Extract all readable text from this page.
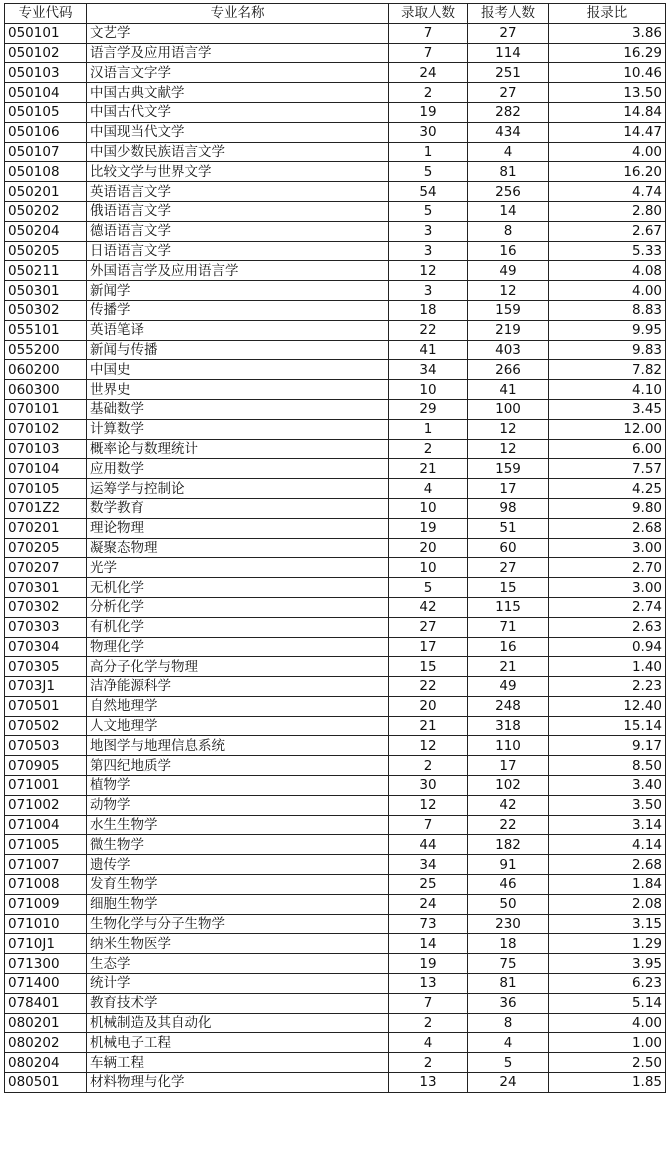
专业代码	专业名称	录取人数	报考人数	报录比
050101	文艺学	7	27	3.86
050102	语言学及应用语言学	7	114	16.29
050103	汉语言文字学	24	251	10.46
050104	中国古典文献学	2	27	13.50
050105	中国古代文学	19	282	14.84
050106	中国现当代文学	30	434	14.47
050107	中国少数民族语言文学	1	4	4.00
050108	比较文学与世界文学	5	81	16.20
050201	英语语言文学	54	256	4.74
050202	俄语语言文学	5	14	2.80
050204	德语语言文学	3	8	2.67
050205	日语语言文学	3	16	5.33
050211	外国语言学及应用语言学	12	49	4.08
050301	新闻学	3	12	4.00
050302	传播学	18	159	8.83
055101	英语笔译	22	219	9.95
055200	新闻与传播	41	403	9.83
060200	中国史	34	266	7.82
060300	世界史	10	41	4.10
070101	基础数学	29	100	3.45
070102	计算数学	1	12	12.00
070103	概率论与数理统计	2	12	6.00
070104	应用数学	21	159	7.57
070105	运筹学与控制论	4	17	4.25
0701Z2	数学教育	10	98	9.80
070201	理论物理	19	51	2.68
070205	凝聚态物理	20	60	3.00
070207	光学	10	27	2.70
070301	无机化学	5	15	3.00
070302	分析化学	42	115	2.74
070303	有机化学	27	71	2.63
070304	物理化学	17	16	0.94
070305	高分子化学与物理	15	21	1.40
0703J1	洁净能源科学	22	49	2.23
070501	自然地理学	20	248	12.40
070502	人文地理学	21	318	15.14
070503	地图学与地理信息系统	12	110	9.17
070905	第四纪地质学	2	17	8.50
071001	植物学	30	102	3.40
071002	动物学	12	42	3.50
071004	水生生物学	7	22	3.14
071005	微生物学	44	182	4.14
071007	遗传学	34	91	2.68
071008	发育生物学	25	46	1.84
071009	细胞生物学	24	50	2.08
071010	生物化学与分子生物学	73	230	3.15
0710J1	纳米生物医学	14	18	1.29
071300	生态学	19	75	3.95
071400	统计学	13	81	6.23
078401	教育技术学	7	36	5.14
080201	机械制造及其自动化	2	8	4.00
080202	机械电子工程	4	4	1.00
080204	车辆工程	2	5	2.50
080501	材料物理与化学	13	24	1.85
